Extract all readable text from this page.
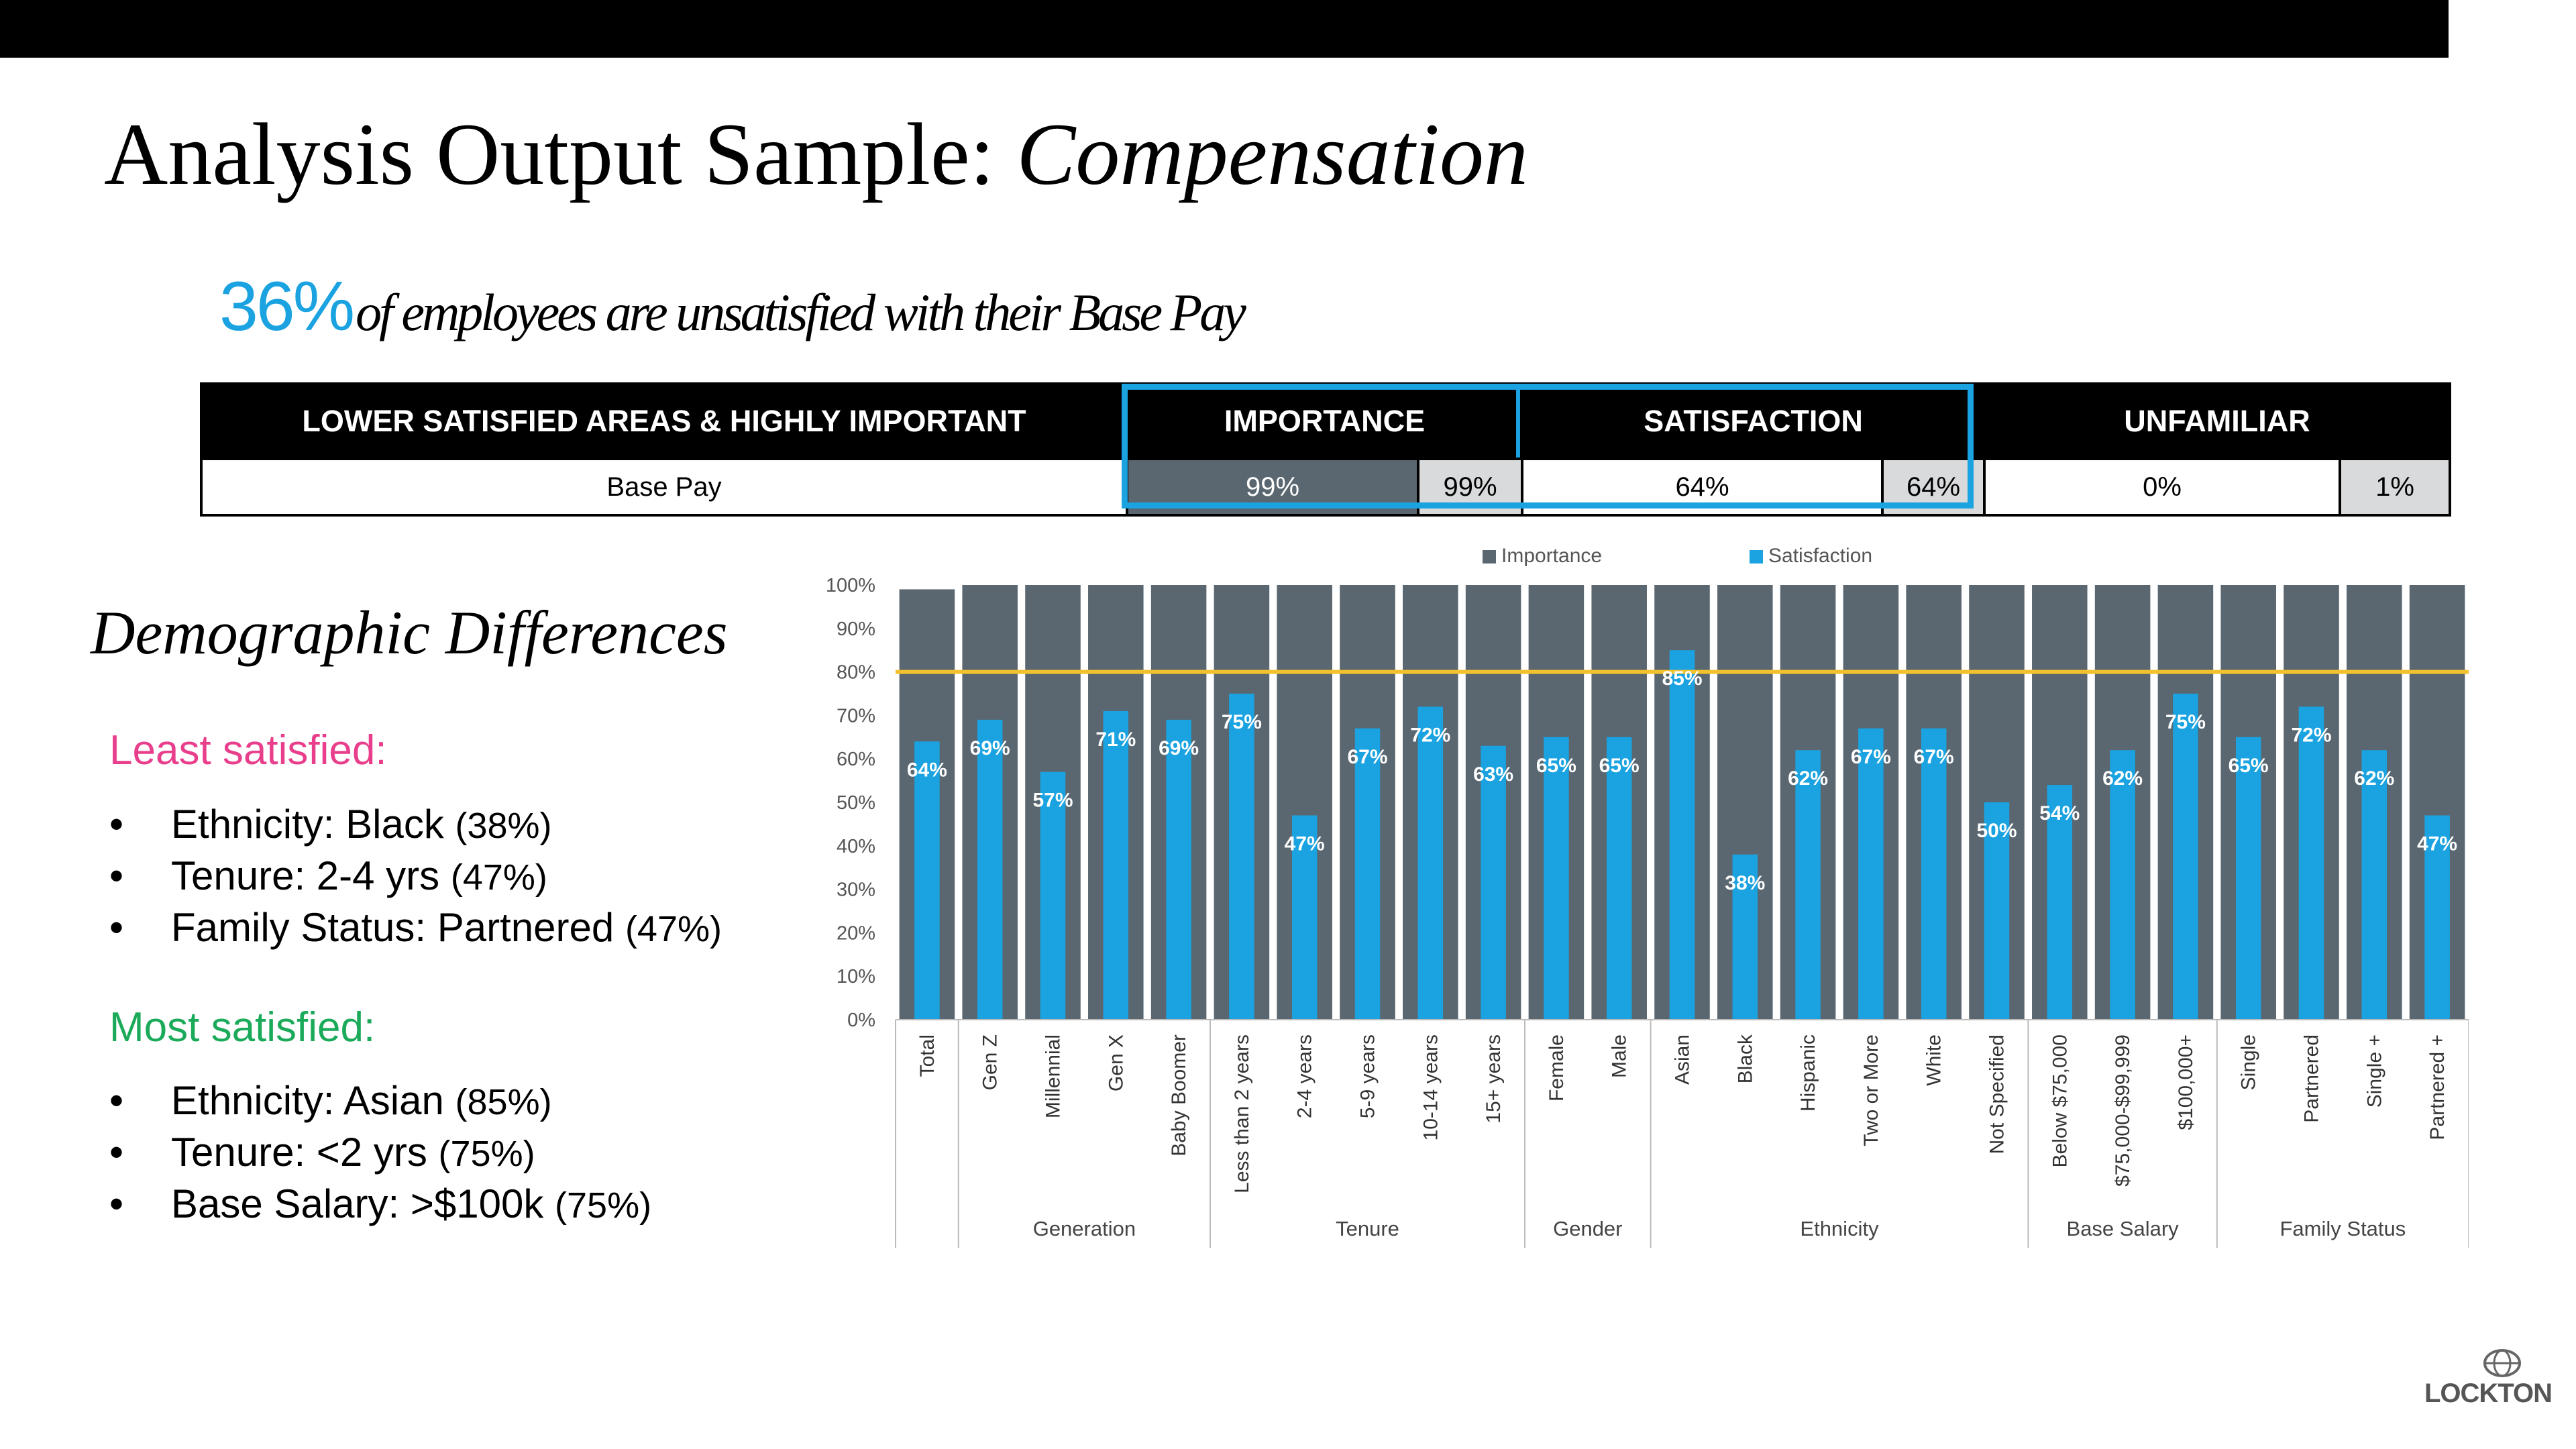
Analysis Output Sample: Compensation
36% of employees are unsatisfied with their Base Pay
LOWER SATISFIED AREAS & HIGHLY IMPORTANT	IMPORTANCE		SATISFACTION		UNFAMILIAR	
Base Pay	99%	99%	64%	64%	0%	1%
Demographic Differences
Least satisfied:
• Ethnicity: Black (38%)
• Tenure: 2-4 yrs (47%)
• Family Status: Partnered (47%)
Most satisfied:
• Ethnicity: Asian (85%)
• Tenure: <2 yrs (75%)
• Base Salary: >$100k (75%)
Importance	Satisfaction
0%
10%
20%
30%
40%
50%
60%
70%
80%
90%
100%
64%
69%
57%
71% 69%
75%
47%
67%
72%
63% 65% 65%
85%
38%
62%
67% 67%
50%
54%
62%
75%
65%
72%
62%
47%
Total Gen Z Millennial Gen X Baby Boomer Less than 2 years 2-4 years 5-9 years 10-14 years 15+ years Female Male Asian Black Hispanic Two or More White Not Specified Below $75,000 $75,000-$99,999 $100,000+ Single Partnered Single + Partnered +
Generation	Tenure	Gender	Ethnicity	Base Salary	Family Status
LOCKTON
